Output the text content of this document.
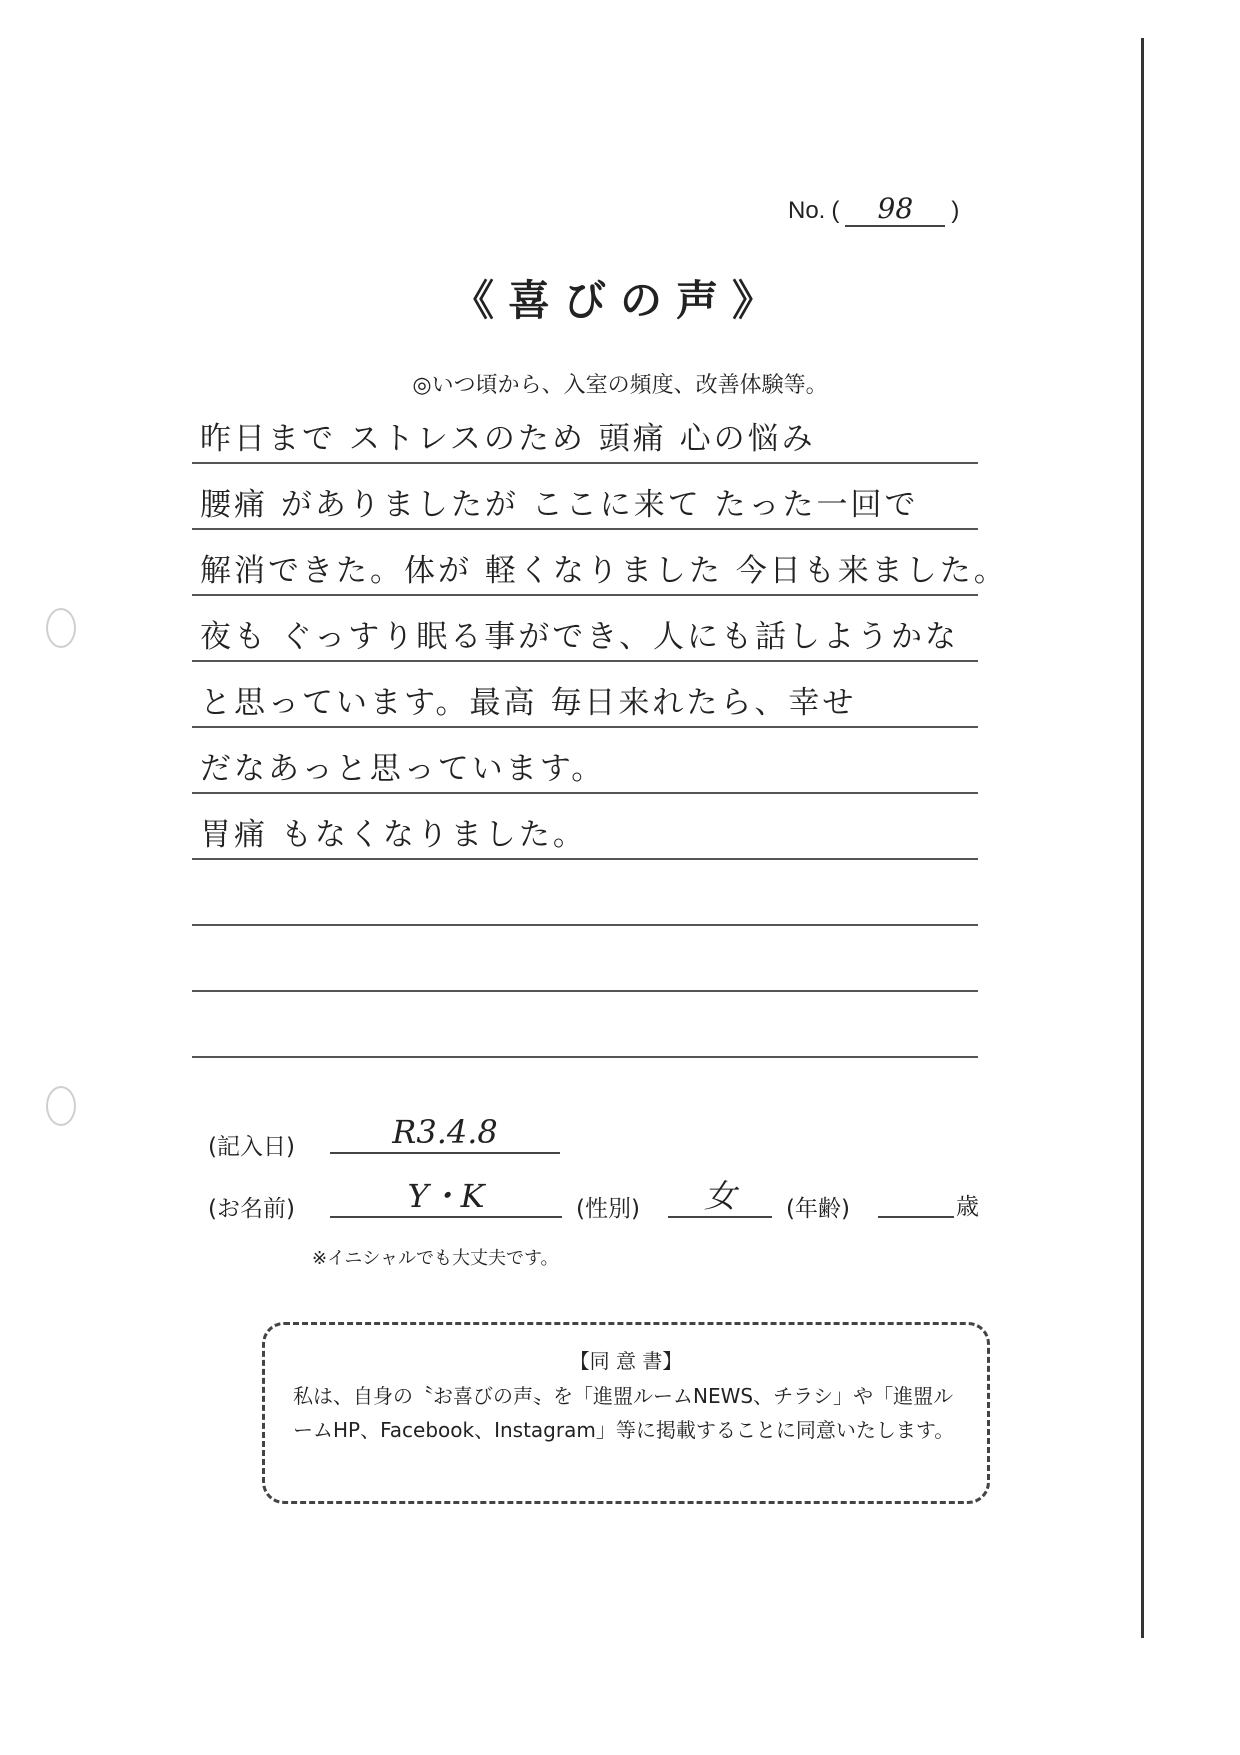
No. (	98	)
《喜びの声》
◎いつ頃から、入室の頻度、改善体験等。
昨日まで ストレスのため 頭痛 心の悩み
腰痛 がありましたが ここに来て たった一回で
解消できた。体が 軽くなりました 今日も来ました。
夜も ぐっすり眠る事ができ、人にも話しようかな
と思っています。最高 毎日来れたら、幸せ
だなあっと思っています。
胃痛 もなくなりました。
(記入日)	R3.4.8
(お名前)	Y・K	(性別)	女	(年齢)	歳
※イニシャルでも大丈夫です。
【同 意 書】
私は、自身の〝お喜びの声〟を「進盟ルームNEWS、チラシ」や「進盟ルームHP、Facebook、Instagram」等に掲載することに同意いたします。
